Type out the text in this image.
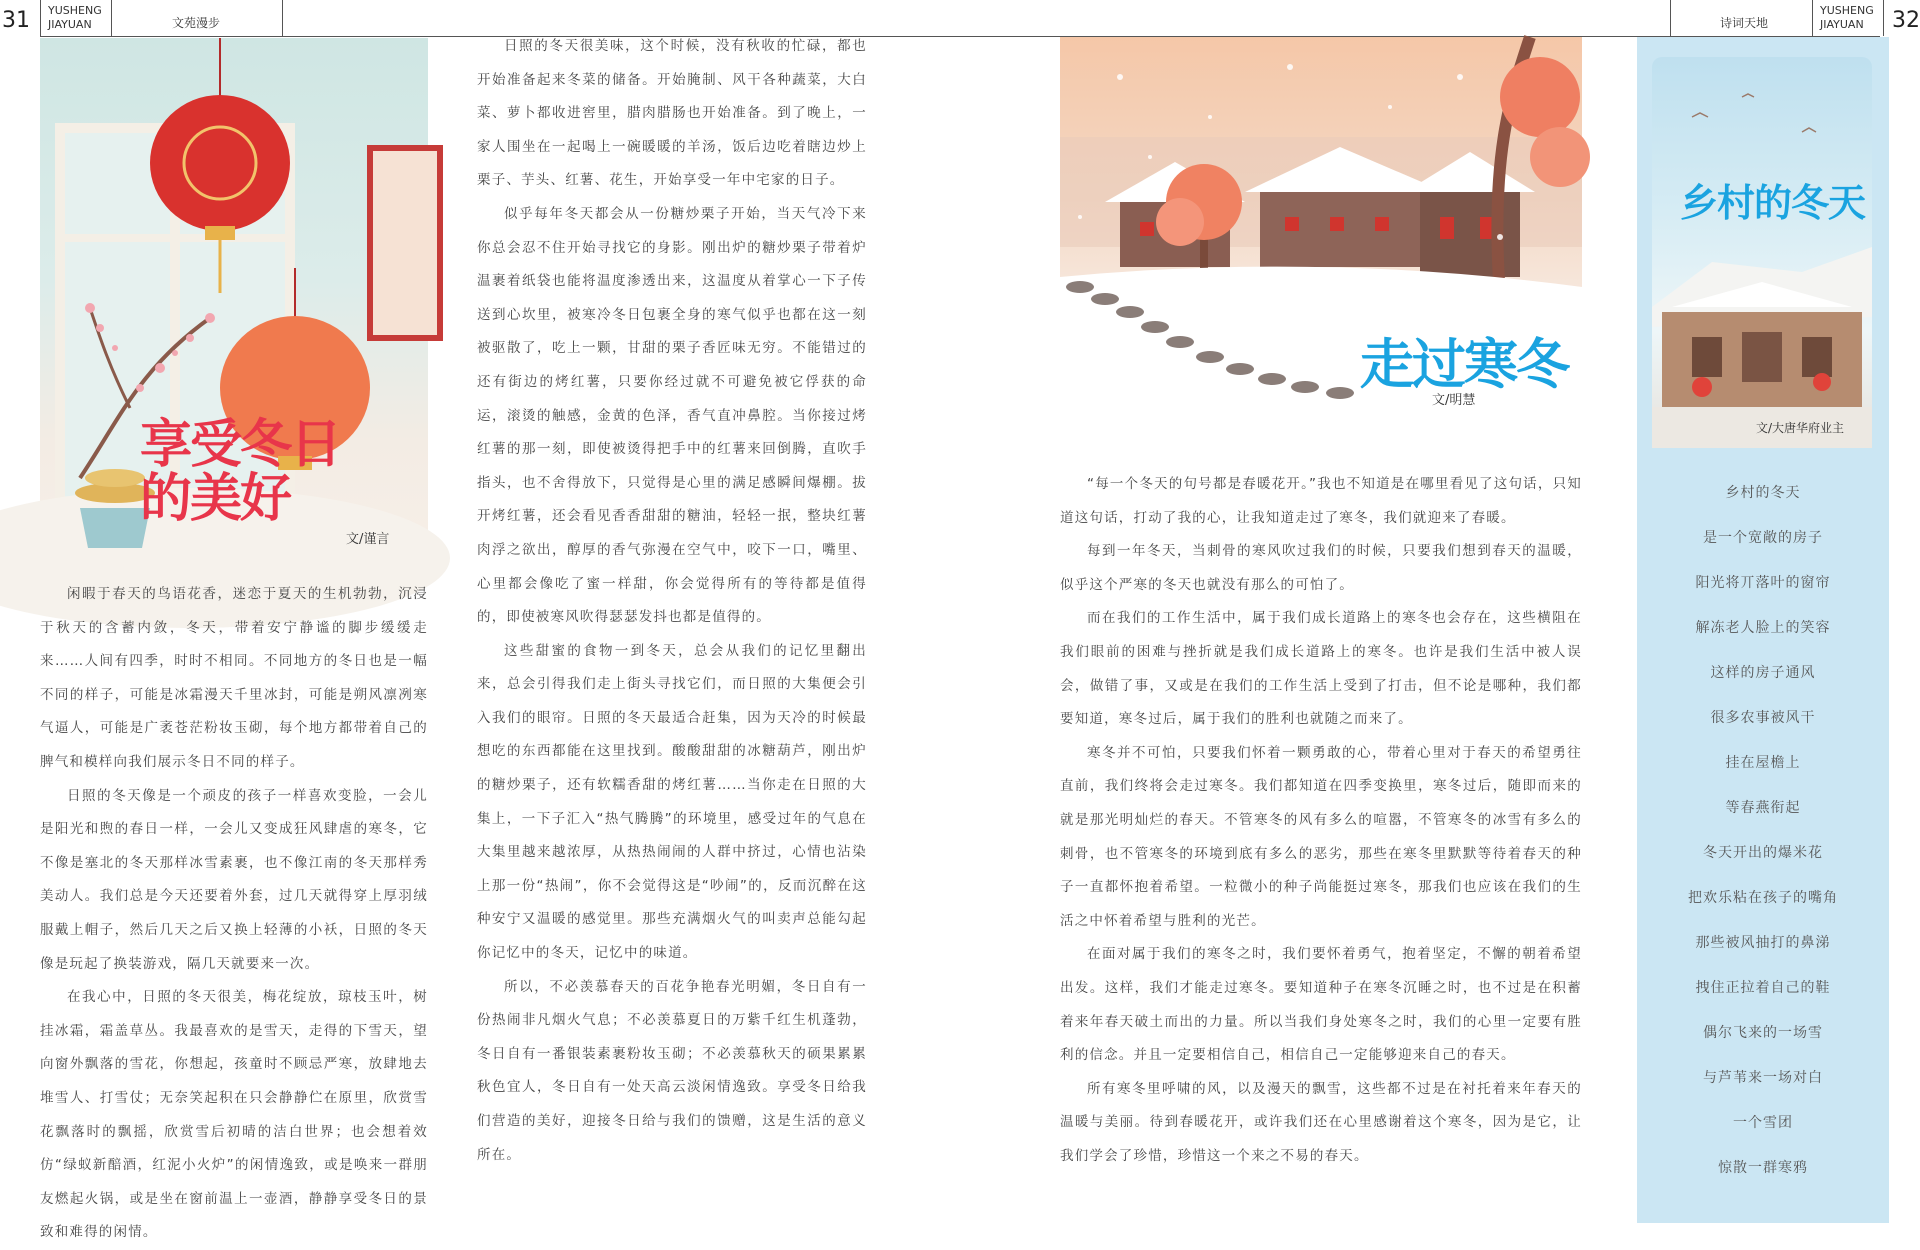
31 YUSHENG
JIAYUAN	文苑漫步	诗词天地
YUSHENG
JIAYUAN	32
享受冬日的美好
文/谨言

闲暇于春天的鸟语花香，迷恋于夏天的生机勃勃，沉浸于秋天的含蓄内敛，冬天，带着安宁静谧的脚步缓缓走来……人间有四季，时时不相同。不同地方的冬日也是一幅不同的样子，可能是冰霜漫天千里冰封，可能是朔风凛冽寒气逼人，可能是广袤苍茫粉妆玉砌，每个地方都带着自己的脾气和模样向我们展示冬日不同的样子。

日照的冬天像是一个顽皮的孩子一样喜欢变脸，一会儿是阳光和煦的春日一样，一会儿又变成狂风肆虐的寒冬，它不像是塞北的冬天那样冰雪素裹，也不像江南的冬天那样秀美动人。我们总是今天还要着外套，过几天就得穿上厚羽绒服戴上帽子，然后几天之后又换上轻薄的小袄，日照的冬天像是玩起了换装游戏，隔几天就要来一次。

在我心中，日照的冬天很美，梅花绽放，琼枝玉叶，树挂冰霜，霜盖草丛。我最喜欢的是雪天，走得的下雪天，望向窗外飘落的雪花，你想起，孩童时不顾忌严寒，放肆地去堆雪人、打雪仗；无奈笑起积在只会静静伫在原里，欣赏雪花飘落时的飘摇，欣赏雪后初晴的洁白世界；也会想着效仿“绿蚁新醅酒，红泥小火炉”的闲情逸致，或是唤来一群朋友燃起火锅，或是坐在窗前温上一壶酒，静静享受冬日的景致和难得的闲情。

日照的冬天很美味，这个时候，没有秋收的忙碌，都也开始准备起来冬菜的储备。开始腌制、风干各种蔬菜，大白菜、萝卜都收进窖里，腊肉腊肠也开始准备。到了晚上，一家人围坐在一起喝上一碗暖暖的羊汤，饭后边吃着瞎边炒上栗子、芋头、红薯、花生，开始享受一年中宅家的日子。

似乎每年冬天都会从一份糖炒栗子开始，当天气冷下来你总会忍不住开始寻找它的身影。刚出炉的糖炒栗子带着炉温裹着纸袋也能将温度渗透出来，这温度从着掌心一下子传送到心坎里，被寒冷冬日包裹全身的寒气似乎也都在这一刻被驱散了，吃上一颗，甘甜的栗子香匠味无穷。不能错过的还有街边的烤红薯，只要你经过就不可避免被它俘获的命运，滚烫的触感，金黄的色泽，香气直冲鼻腔。当你接过烤红薯的那一刻，即使被烫得把手中的红薯来回倒腾，直吹手指头，也不舍得放下，只觉得是心里的满足感瞬间爆棚。拔开烤红薯，还会看见香香甜甜的糖油，轻轻一抿，整块红薯肉浮之欲出，醇厚的香气弥漫在空气中，咬下一口，嘴里、心里都会像吃了蜜一样甜，你会觉得所有的等待都是值得的，即使被寒风吹得瑟瑟发抖也都是值得的。

这些甜蜜的食物一到冬天，总会从我们的记忆里翻出来，总会引得我们走上街头寻找它们，而日照的大集便会引入我们的眼帘。日照的冬天最适合赶集，因为天冷的时候最想吃的东西都能在这里找到。酸酸甜甜的冰糖葫芦，刚出炉的糖炒栗子，还有软糯香甜的烤红薯……当你走在日照的大集上，一下子汇入“热气腾腾”的环境里，感受过年的气息在大集里越来越浓厚，从热热闹闹的人群中挤过，心情也沾染上那一份“热闹”，你不会觉得这是“吵闹”的，反而沉醉在这种安宁又温暖的感觉里。那些充满烟火气的叫卖声总能勾起你记忆中的冬天，记忆中的味道。

所以，不必羡慕春天的百花争艳春光明媚，冬日自有一份热闹非凡烟火气息；不必羡慕夏日的万紫千红生机蓬勃，冬日自有一番银装素裹粉妆玉砌；不必羡慕秋天的硕果累累秋色宜人，冬日自有一处天高云淡闲情逸致。享受冬日给我们营造的美好，迎接冬日给与我们的馈赠，这是生活的意义所在。

走过寒冬
文/明慧

“每一个冬天的句号都是春暖花开。”我也不知道是在哪里看见了这句话，只知道这句话，打动了我的心，让我知道走过了寒冬，我们就迎来了春暖。

每到一年冬天，当刺骨的寒风吹过我们的时候，只要我们想到春天的温暖，似乎这个严寒的冬天也就没有那么的可怕了。

而在我们的工作生活中，属于我们成长道路上的寒冬也会存在，这些横阻在我们眼前的困难与挫折就是我们成长道路上的寒冬。也许是我们生活中被人误会，做错了事，又或是在我们的工作生活上受到了打击，但不论是哪种，我们都要知道，寒冬过后，属于我们的胜利也就随之而来了。

寒冬并不可怕，只要我们怀着一颗勇敢的心，带着心里对于春天的希望勇往直前，我们终将会走过寒冬。我们都知道在四季变换里，寒冬过后，随即而来的就是那光明灿烂的春天。不管寒冬的风有多么的喧嚣，不管寒冬的冰雪有多么的刺骨，也不管寒冬的环境到底有多么的恶劣，那些在寒冬里默默等待着春天的种子一直都怀抱着希望。一粒微小的种子尚能挺过寒冬，那我们也应该在我们的生活之中怀着希望与胜利的光芒。

在面对属于我们的寒冬之时，我们要怀着勇气，抱着坚定，不懈的朝着希望出发。这样，我们才能走过寒冬。要知道种子在寒冬沉睡之时，也不过是在积蓄着来年春天破土而出的力量。所以当我们身处寒冬之时，我们的心里一定要有胜利的信念。并且一定要相信自己，相信自己一定能够迎来自己的春天。

所有寒冬里呼啸的风，以及漫天的飘雪，这些都不过是在衬托着来年春天的温暖与美丽。待到春暖花开，或许我们还在心里感谢着这个寒冬，因为是它，让我们学会了珍惜，珍惜这一个来之不易的春天。

乡村的冬天
文/大唐华府业主
乡村的冬天
是一个宽敞的房子
阳光将丌落叶的窗帘
解冻老人脸上的笑容
这样的房子通风
很多农事被风干
挂在屋檐上
等春燕衔起
冬天开出的爆米花
把欢乐粘在孩子的嘴角
那些被风抽打的鼻涕
拽住正拉着自己的鞋
偶尔飞来的一场雪
与芦苇来一场对白
一个雪团
惊散一群寒鸦
